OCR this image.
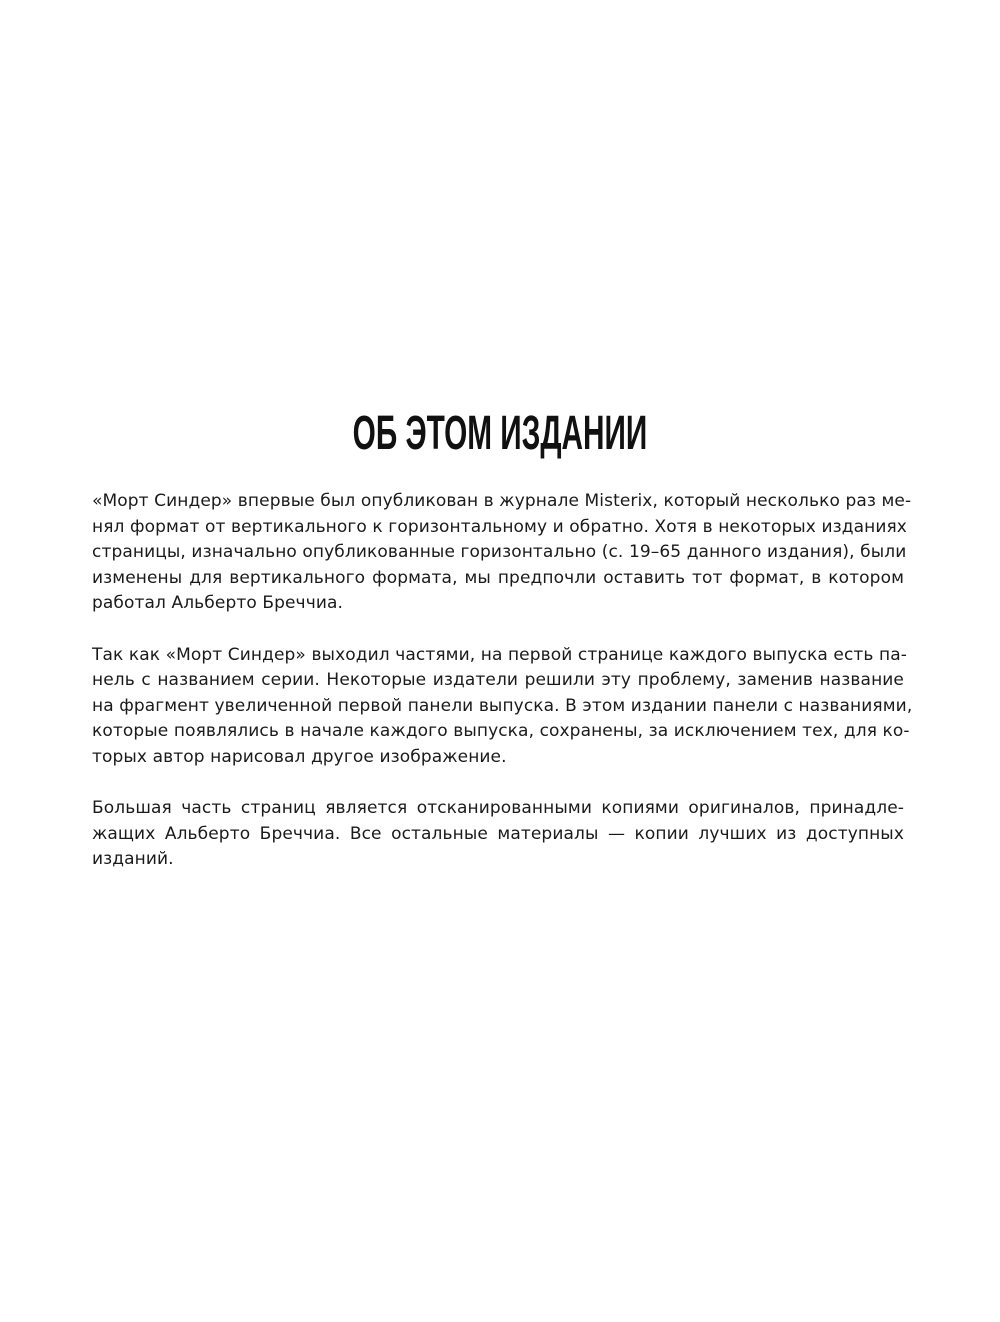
ОБ ЭТОМ ИЗДАНИИ

«Морт Синдер» впервые был опубликован в журнале Misterix, который несколько раз ме-
нял формат от вертикального к горизонтальному и обратно. Хотя в некоторых изданиях
страницы, изначально опубликованные горизонтально (с. 19–65 данного издания), были
изменены для вертикального формата, мы предпочли оставить тот формат, в котором
работал Альберто Бреччиа.

Так как «Морт Синдер» выходил частями, на первой странице каждого выпуска есть па-
нель с названием серии. Некоторые издатели решили эту проблему, заменив название
на фрагмент увеличенной первой панели выпуска. В этом издании панели с названиями,
которые появлялись в начале каждого выпуска, сохранены, за исключением тех, для ко-
торых автор нарисовал другое изображение.

Большая часть страниц является отсканированными копиями оригиналов, принадле-
жащих Альберто Бреччиа. Все остальные материалы — копии лучших из доступных
изданий.
